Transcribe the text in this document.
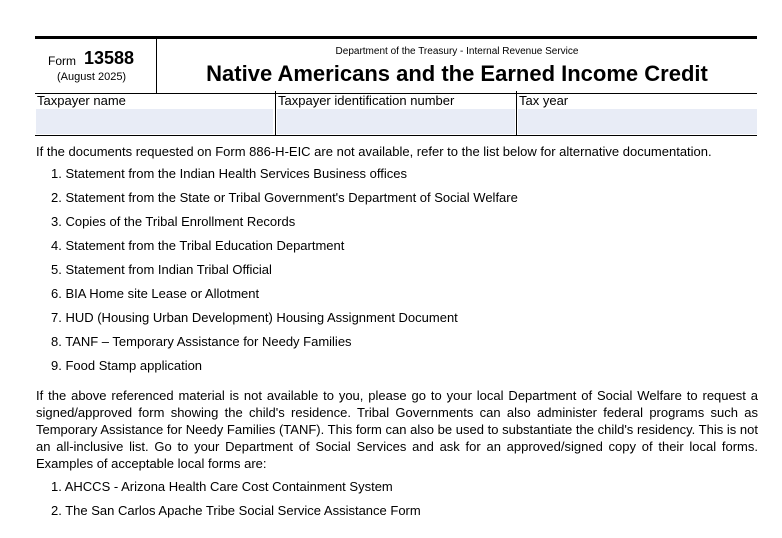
Form 13588
(August 2025)
Department of the Treasury - Internal Revenue Service
Native Americans and the Earned Income Credit
Taxpayer name	Taxpayer identification number	Tax year
If the documents requested on Form 886-H-EIC are not available, refer to the list below for alternative documentation.
1. Statement from the Indian Health Services Business offices
2. Statement from the State or Tribal Government's Department of Social Welfare
3. Copies of the Tribal Enrollment Records
4. Statement from the Tribal Education Department
5. Statement from Indian Tribal Official
6. BIA Home site Lease or Allotment
7. HUD (Housing Urban Development) Housing Assignment Document
8. TANF – Temporary Assistance for Needy Families
9. Food Stamp application
If the above referenced material is not available to you, please go to your local Department of Social Welfare to request a signed/approved form showing the child's residence. Tribal Governments can also administer federal programs such as Temporary Assistance for Needy Families (TANF). This form can also be used to substantiate the child's residency. This is not an all-inclusive list. Go to your Department of Social Services and ask for an approved/signed copy of their local forms. Examples of acceptable local forms are:
1. AHCCS - Arizona Health Care Cost Containment System
2. The San Carlos Apache Tribe Social Service Assistance Form
